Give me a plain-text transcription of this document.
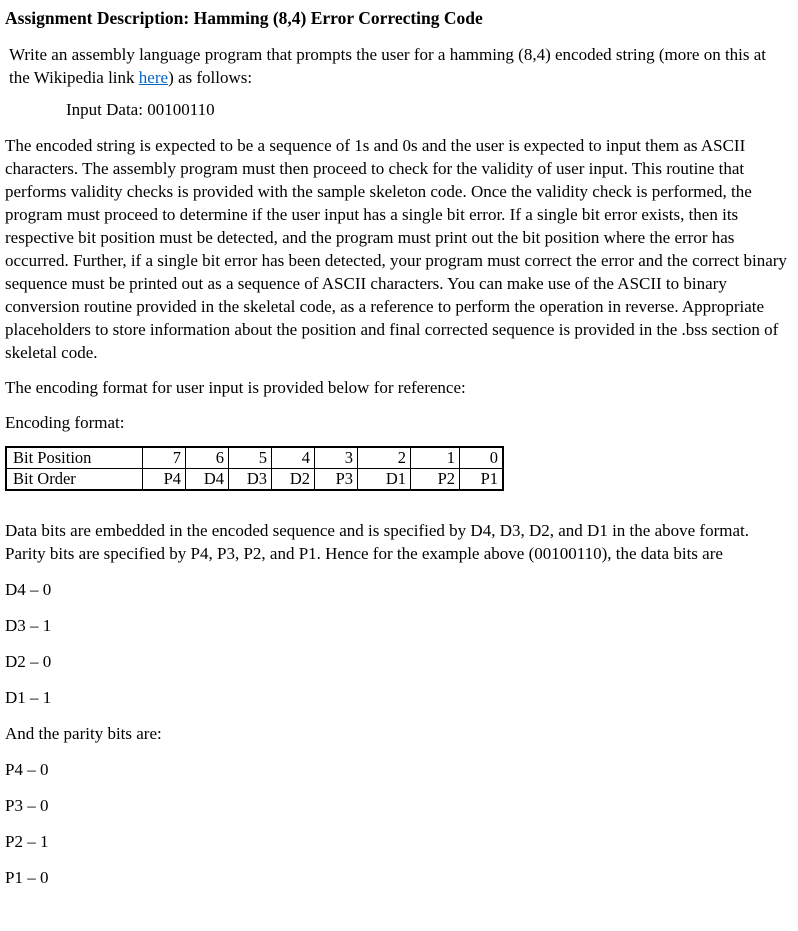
Assignment Description: Hamming (8,4) Error Correcting Code

Write an assembly language program that prompts the user for a hamming (8,4) encoded string (more on this at the Wikipedia link here) as follows:

Input Data: 00100110

The encoded string is expected to be a sequence of 1s and 0s and the user is expected to input them as ASCII characters. The assembly program must then proceed to check for the validity of user input. This routine that performs validity checks is provided with the sample skeleton code. Once the validity check is performed, the program must proceed to determine if the user input has a single bit error. If a single bit error exists, then its respective bit position must be detected, and the program must print out the bit position where the error has occurred. Further, if a single bit error has been detected, your program must correct the error and the correct binary sequence must be printed out as a sequence of ASCII characters. You can make use of the ASCII to binary conversion routine provided in the skeletal code, as a reference to perform the operation in reverse. Appropriate placeholders to store information about the position and final corrected sequence is provided in the .bss section of skeletal code.

The encoding format for user input is provided below for reference:

Encoding format:

Bit Position	7	6	5	4	3	2	1	0
Bit Order	P4	D4	D3	D2	P3	D1	P2	P1

Data bits are embedded in the encoded sequence and is specified by D4, D3, D2, and D1 in the above format. Parity bits are specified by P4, P3, P2, and P1. Hence for the example above (00100110), the data bits are

D4 – 0

D3 – 1

D2 – 0

D1 – 1

And the parity bits are:

P4 – 0

P3 – 0

P2 – 1

P1 – 0
